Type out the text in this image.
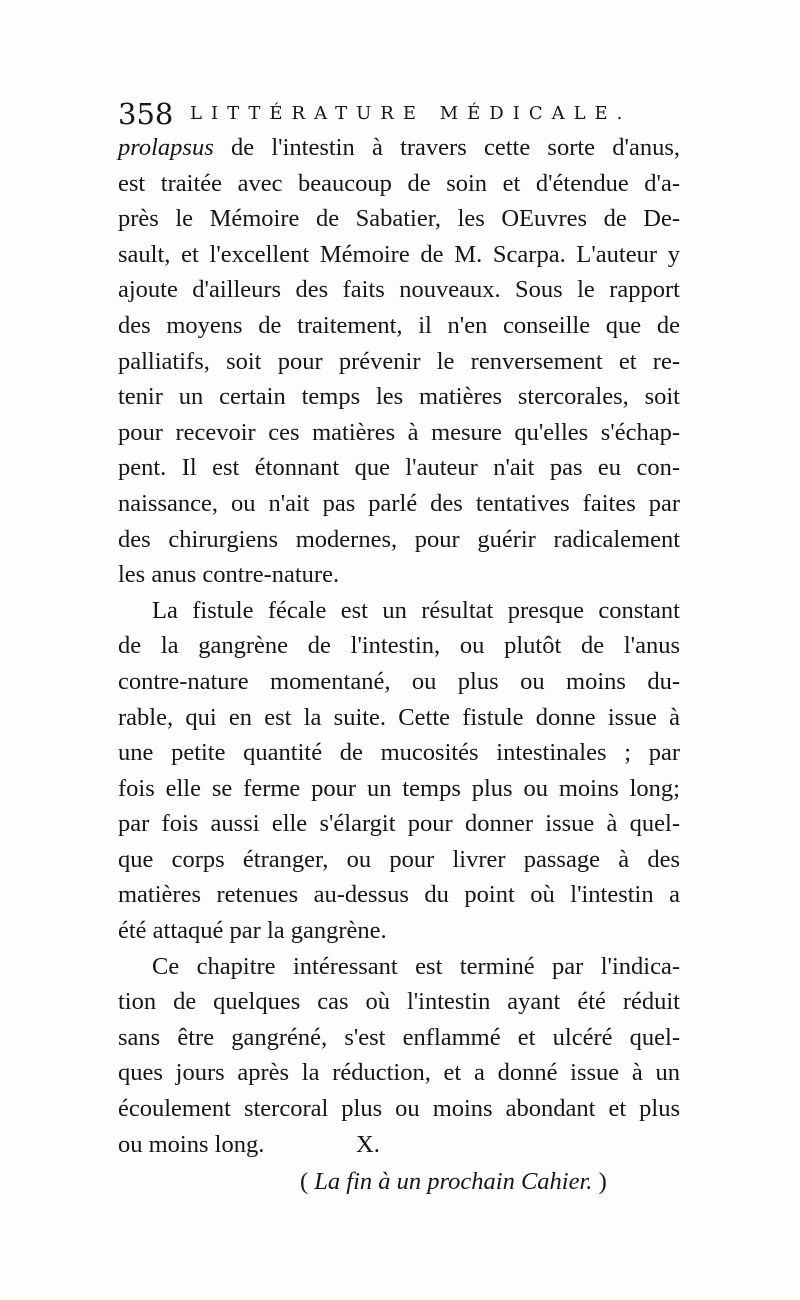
358 LITTÉRATURE MÉDICALE.
prolapsus de l'intestin à travers cette sorte d'anus,
est traitée avec beaucoup de soin et d'étendue d'a-
près le Mémoire de Sabatier, les OEuvres de De-
sault, et l'excellent Mémoire de M. Scarpa. L'auteur y
ajoute d'ailleurs des faits nouveaux. Sous le rapport
des moyens de traitement, il n'en conseille que de
palliatifs, soit pour prévenir le renversement et re-
tenir un certain temps les matières stercorales, soit
pour recevoir ces matières à mesure qu'elles s'échap-
pent. Il est étonnant que l'auteur n'ait pas eu con-
naissance, ou n'ait pas parlé des tentatives faites par
des chirurgiens modernes, pour guérir radicalement
les anus contre-nature.
La fistule fécale est un résultat presque constant
de la gangrène de l'intestin, ou plutôt de l'anus
contre-nature momentané, ou plus ou moins du-
rable, qui en est la suite. Cette fistule donne issue à
une petite quantité de mucosités intestinales ; par
fois elle se ferme pour un temps plus ou moins long;
par fois aussi elle s'élargit pour donner issue à quel-
que corps étranger, ou pour livrer passage à des
matières retenues au-dessus du point où l'intestin a
été attaqué par la gangrène.
Ce chapitre intéressant est terminé par l'indica-
tion de quelques cas où l'intestin ayant été réduit
sans être gangréné, s'est enflammé et ulcéré quel-
ques jours après la réduction, et a donné issue à un
écoulement stercoral plus ou moins abondant et plus
ou moins long.	X.
( La fin à un prochain Cahier. )
